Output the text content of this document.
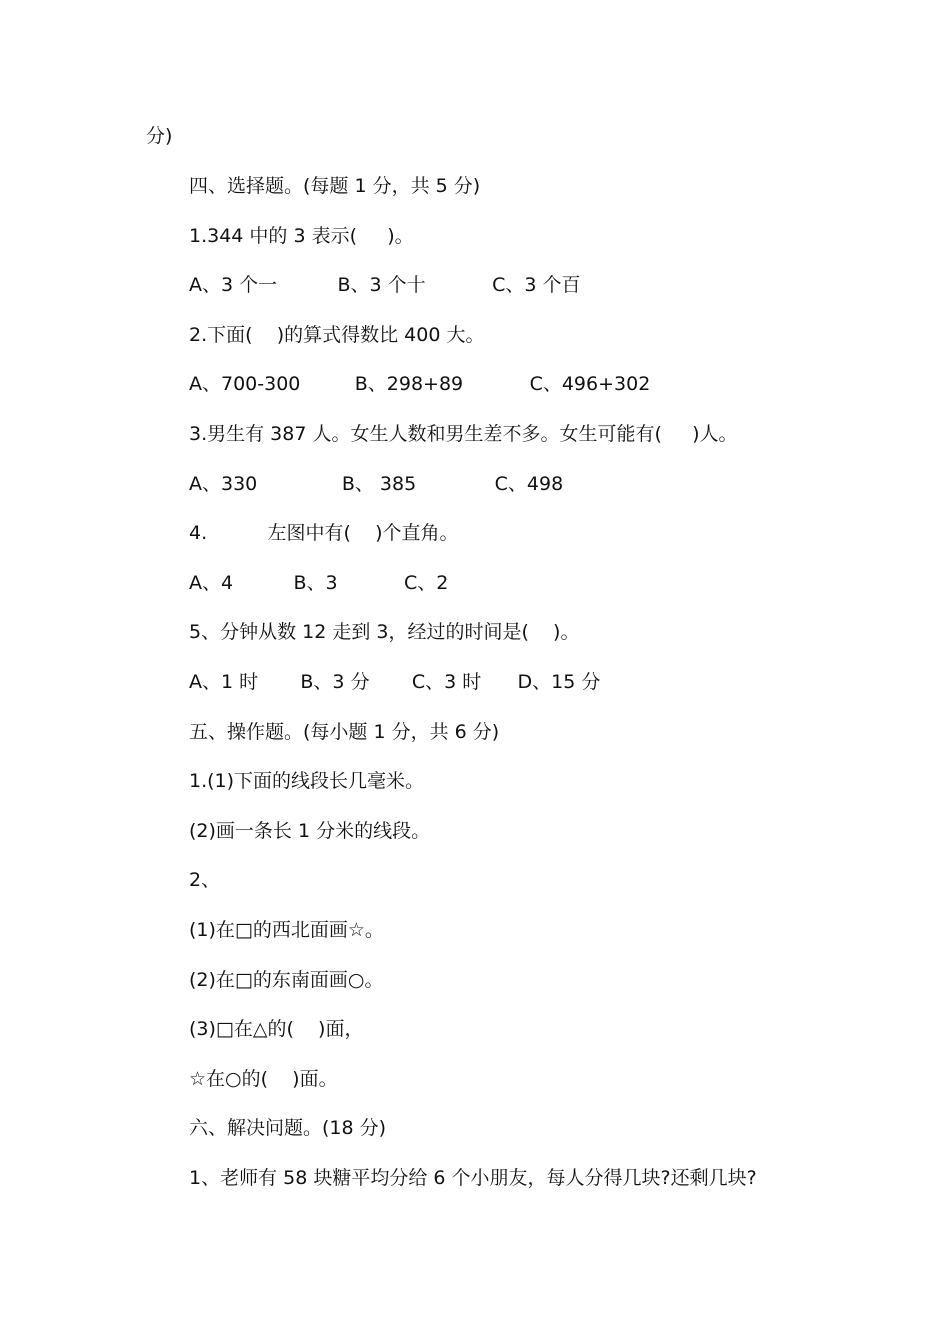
分)
四、选择题。(每题 1 分，共 5 分)
1.344 中的 3 表示(     )。
A、3 个一          B、3 个十           C、3 个百
2.下面(    )的算式得数比 400 大。
A、700-300         B、298+89           C、496+302
3.男生有 387 人。女生人数和男生差不多。女生可能有(     )人。
A、330              B、 385             C、498
4.          左图中有(    )个直角。
A、4          B、3           C、2
5、分钟从数 12 走到 3，经过的时间是(    )。
A、1 时       B、3 分       C、3 时      D、15 分
五、操作题。(每小题 1 分，共 6 分)
1.(1)下面的线段长几毫米。
(2)画一条长 1 分米的线段。
2、
(1)在□的西北面画☆。
(2)在□的东南面画○。
(3)□在△的(    )面，
☆在○的(    )面。
六、解决问题。(18 分)
1、老师有 58 块糖平均分给 6 个小朋友，每人分得几块?还剩几块?
